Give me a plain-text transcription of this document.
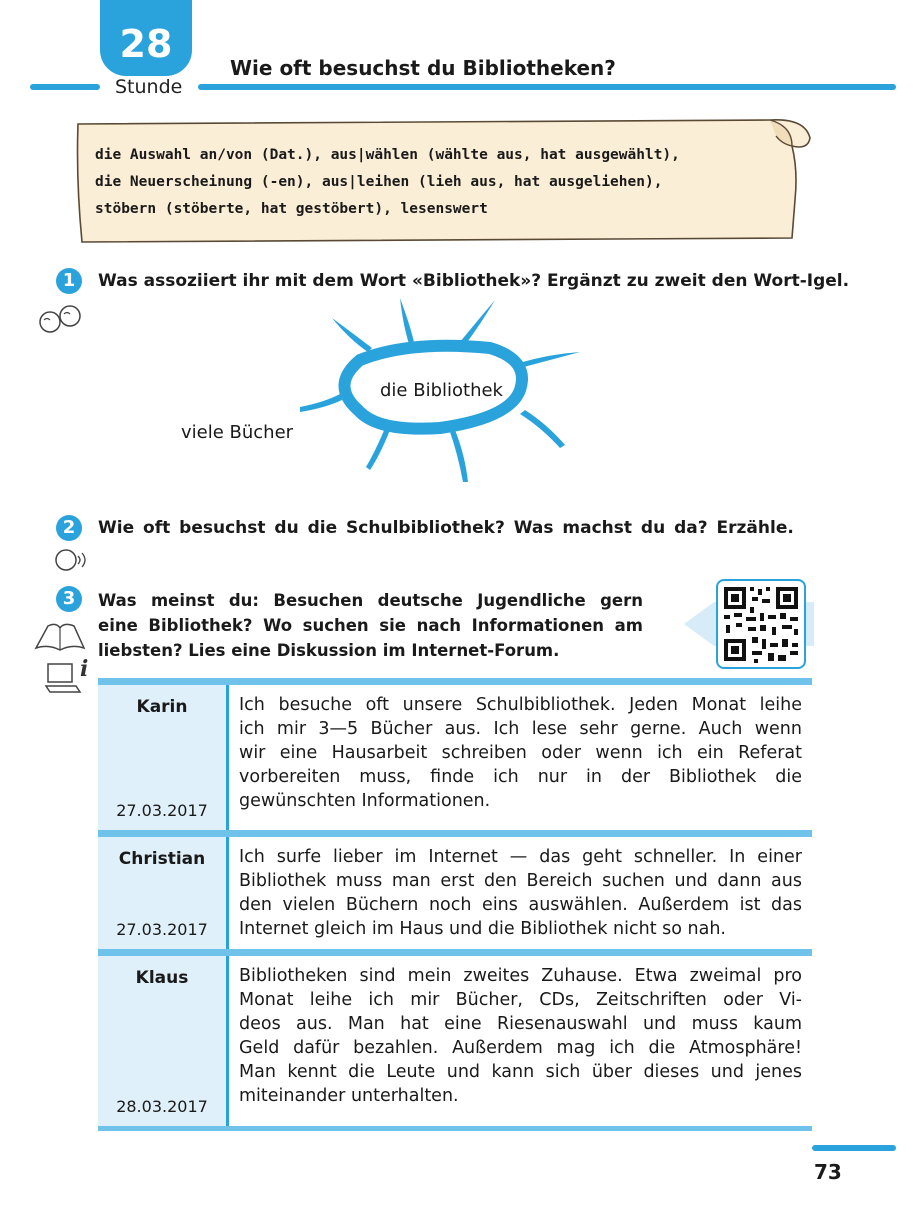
28
Stunde
Wie oft besuchst du Bibliotheken?
die Auswahl an/von (Dat.), aus|wählen (wählte aus, hat ausgewählt),
die Neuerscheinung (-en), aus|leihen (lieh aus, hat ausgeliehen),
stöbern (stöberte, hat gestöbert), lesenswert
1	Was assoziiert ihr mit dem Wort «Bibliothek»? Ergänzt zu zweit den Wort-Igel.
die Bibliothek
viele Bücher
2	Wie oft besuchst du die Schulbibliothek? Was machst du da? Erzähle.
3	Was meinst du: Besuchen deutsche Jugendliche gern
eine Bibliothek? Wo suchen sie nach Informationen am
liebsten? Lies eine Diskussion im Internet-Forum.
i
Karin
27.03.2017
Ich besuche oft unsere Schulbibliothek. Jeden Monat leihe
ich mir 3—5 Bücher aus. Ich lese sehr gerne. Auch wenn
wir eine Hausarbeit schreiben oder wenn ich ein Referat
vorbereiten muss, finde ich nur in der Bibliothek die
gewünschten Informationen.
Christian
27.03.2017
Ich surfe lieber im Internet — das geht schneller. In einer
Bibliothek muss man erst den Bereich suchen und dann aus
den vielen Büchern noch eins auswählen. Außerdem ist das
Internet gleich im Haus und die Bibliothek nicht so nah.
Klaus
28.03.2017
Bibliotheken sind mein zweites Zuhause. Etwa zweimal pro
Monat leihe ich mir Bücher, CDs, Zeitschriften oder Vi-
deos aus. Man hat eine Riesenauswahl und muss kaum
Geld dafür bezahlen. Außerdem mag ich die Atmosphäre!
Man kennt die Leute und kann sich über dieses und jenes
miteinander unterhalten.
73
